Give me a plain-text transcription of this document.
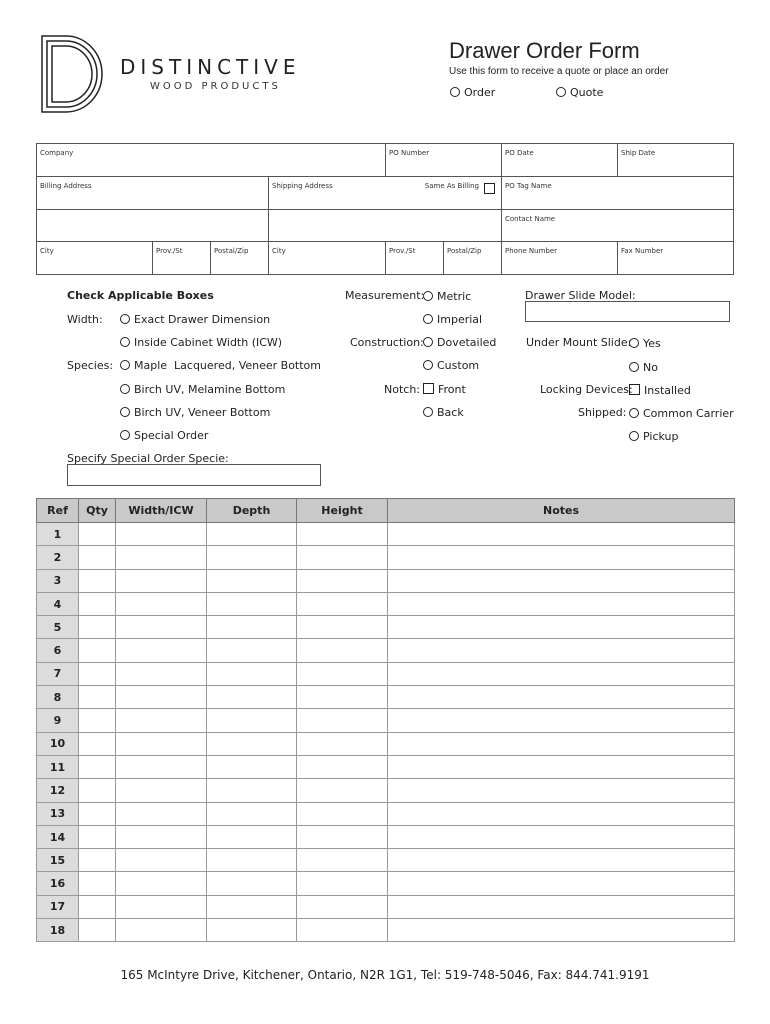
DISTINCTIVE
WOOD PRODUCTS
Drawer Order Form
Use this form to receive a quote or place an order
Order	Quote
Company	PO Number	PO Date	Ship Date
Billing Address	Shipping Address	Same As Billing	PO Tag Name
Contact Name
City	Prov./St	Postal/Zip	City	Prov./St	Postal/Zip	Phone Number	Fax Number
Check Applicable Boxes
Width:	Exact Drawer Dimension
Inside Cabinet Width (ICW)
Species:	Maple  Lacquered, Veneer Bottom
Birch UV, Melamine Bottom
Birch UV, Veneer Bottom
Special Order
Specify Special Order Specie:
Measurement:	Metric
Imperial
Construction:	Dovetailed
Custom
Notch:	Front
Back
Drawer Slide Model:
Under Mount Slide:	Yes
No
Locking Devices:	Installed
Shipped:	Common Carrier
Pickup
Ref	Qty	Width/ICW	Depth	Height	Notes
1					
2					
3					
4					
5					
6					
7					
8					
9					
10					
11					
12					
13					
14					
15					
16					
17					
18					
165 McIntyre Drive, Kitchener, Ontario, N2R 1G1, Tel: 519-748-5046, Fax: 844.741.9191
